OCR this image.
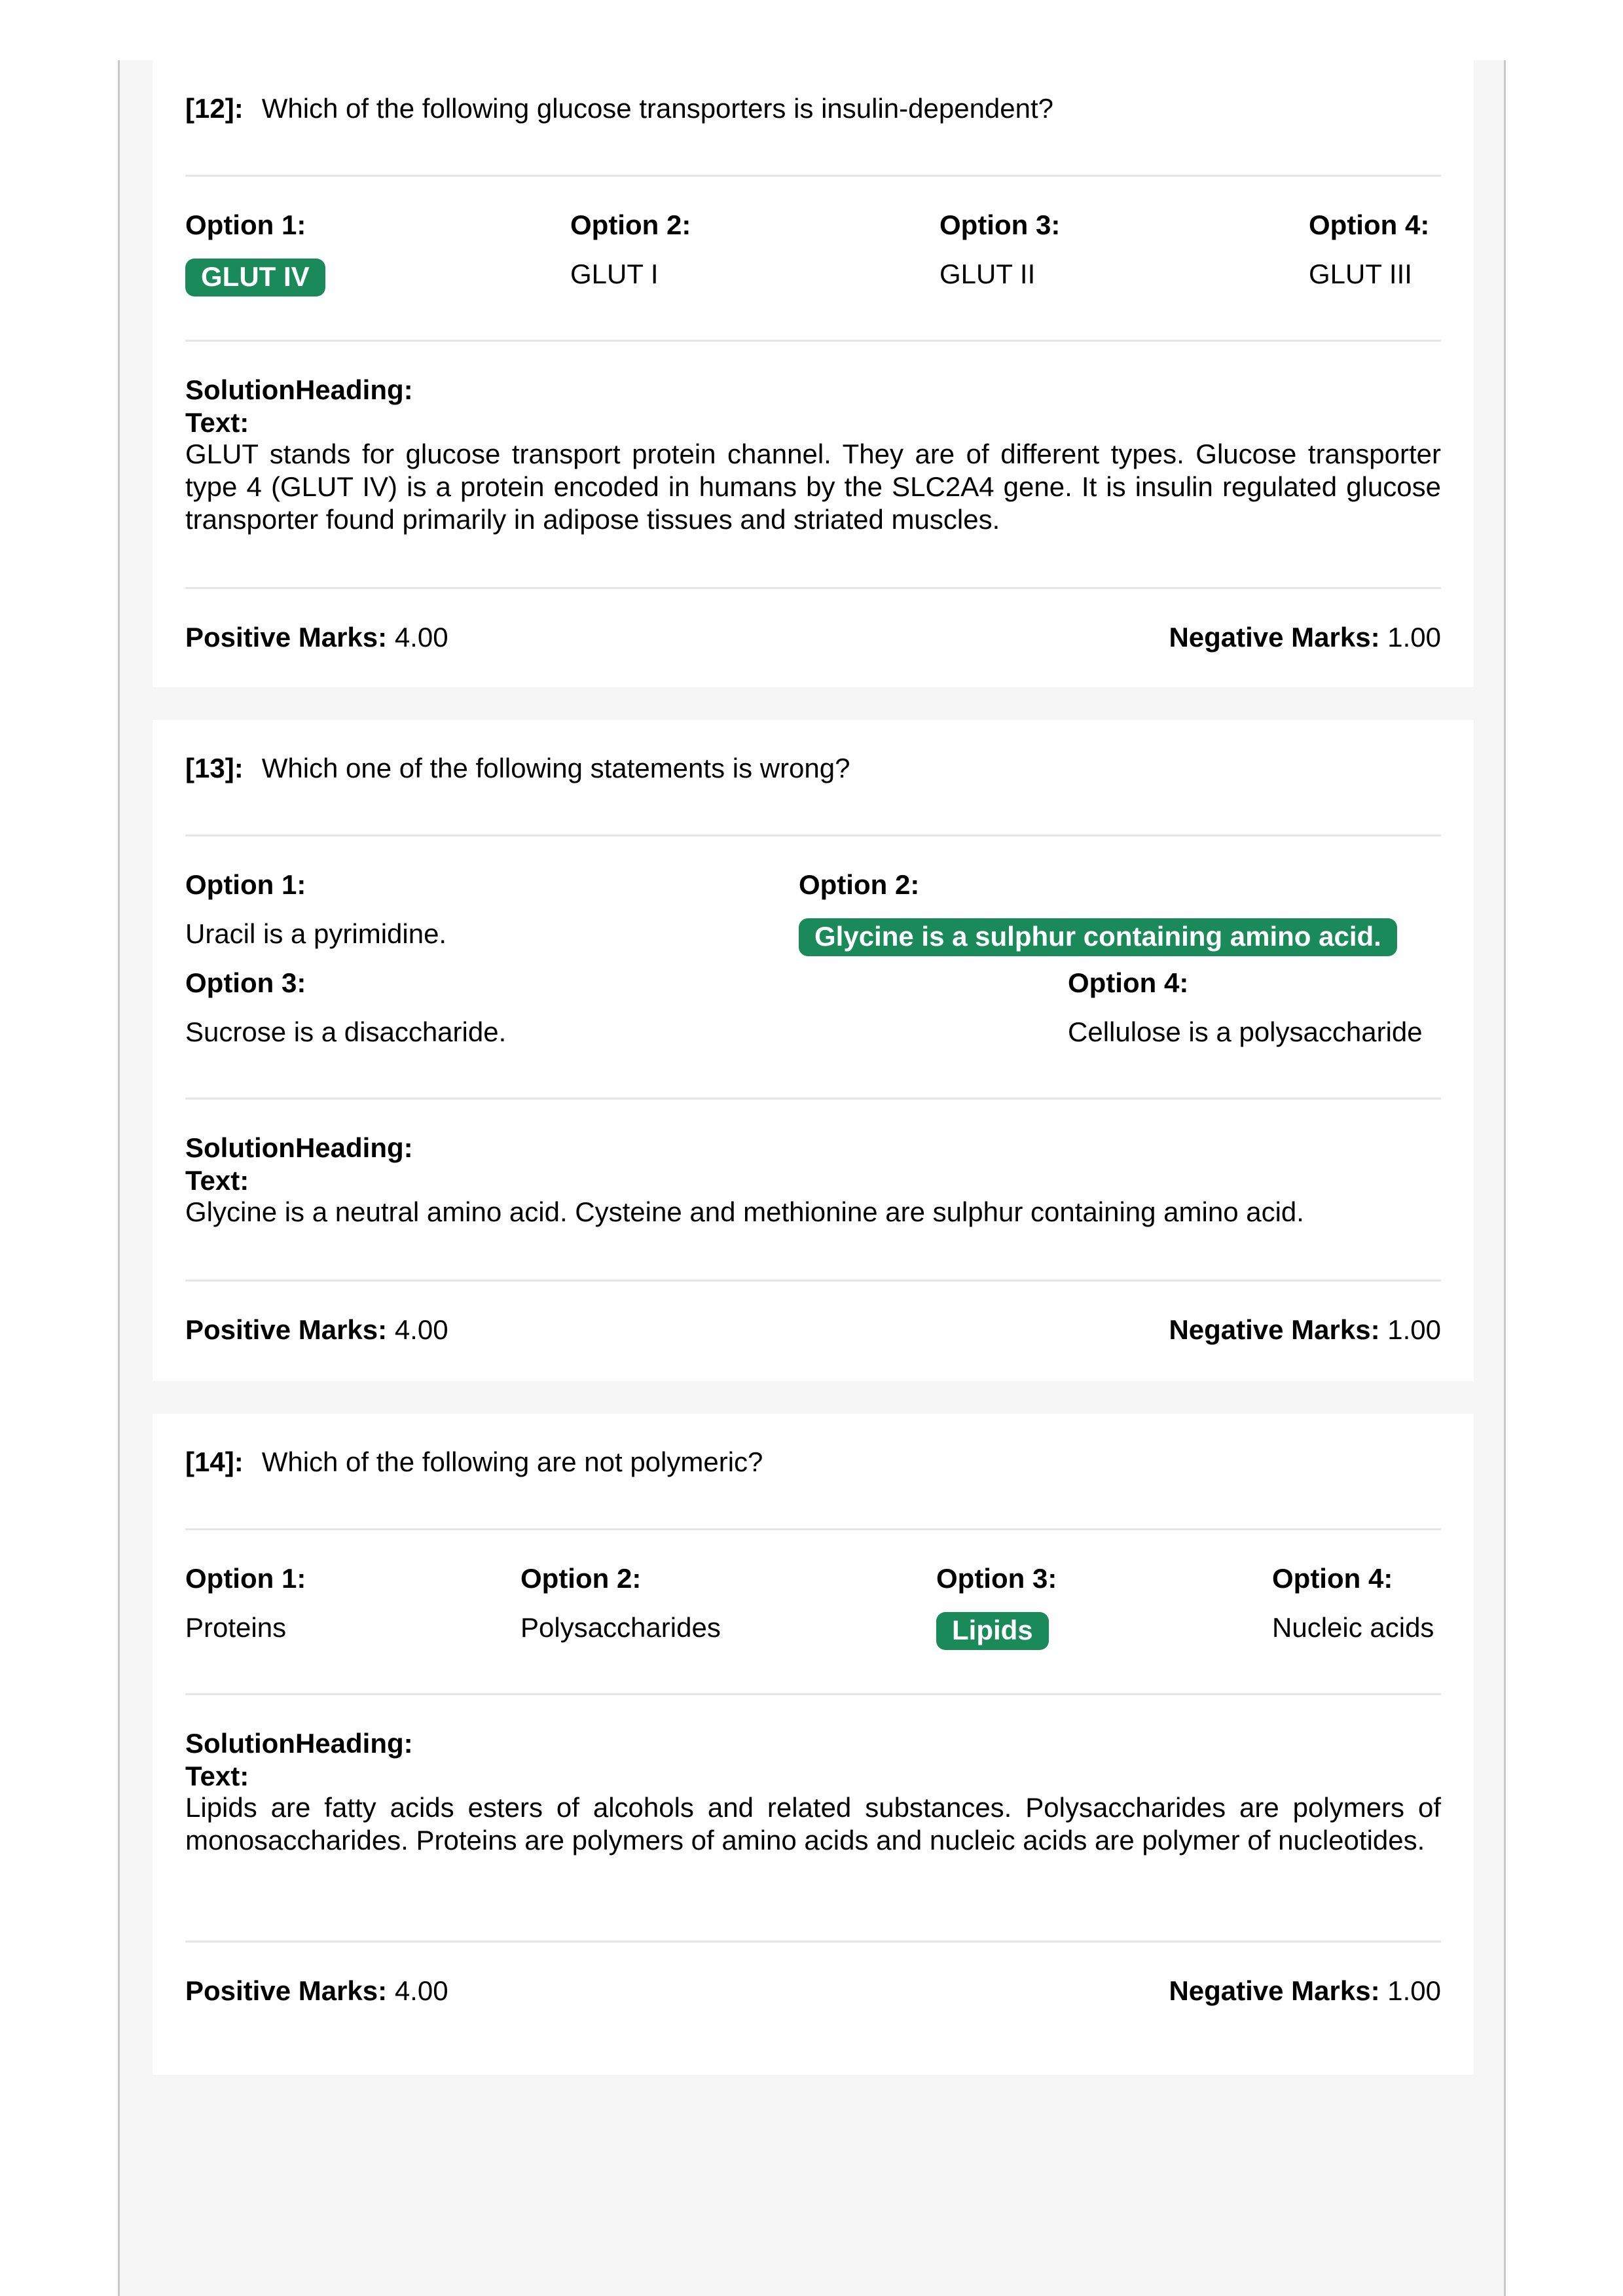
[12]: Which of the following glucose transporters is insulin-dependent?
Option 1:	Option 2:	Option 3:	Option 4:
GLUT IV	GLUT I	GLUT II	GLUT III
SolutionHeading:
Text:
GLUT stands for glucose transport protein channel. They are of different types. Glucose transporter type 4 (GLUT IV) is a protein encoded in humans by the SLC2A4 gene. It is insulin regulated glucose transporter found primarily in adipose tissues and striated muscles.
Positive Marks: 4.00	Negative Marks: 1.00
[13]: Which one of the following statements is wrong?
Option 1:	Option 2:
Uracil is a pyrimidine.	Glycine is a sulphur containing amino acid.
Option 3:	Option 4:
Sucrose is a disaccharide.	Cellulose is a polysaccharide
SolutionHeading:
Text:
Glycine is a neutral amino acid. Cysteine and methionine are sulphur containing amino acid.
Positive Marks: 4.00	Negative Marks: 1.00
[14]: Which of the following are not polymeric?
Option 1:	Option 2:	Option 3:	Option 4:
Proteins	Polysaccharides	Lipids	Nucleic acids
SolutionHeading:
Text:
Lipids are fatty acids esters of alcohols and related substances. Polysaccharides are polymers of monosaccharides. Proteins are polymers of amino acids and nucleic acids are polymer of nucleotides.
Positive Marks: 4.00	Negative Marks: 1.00
